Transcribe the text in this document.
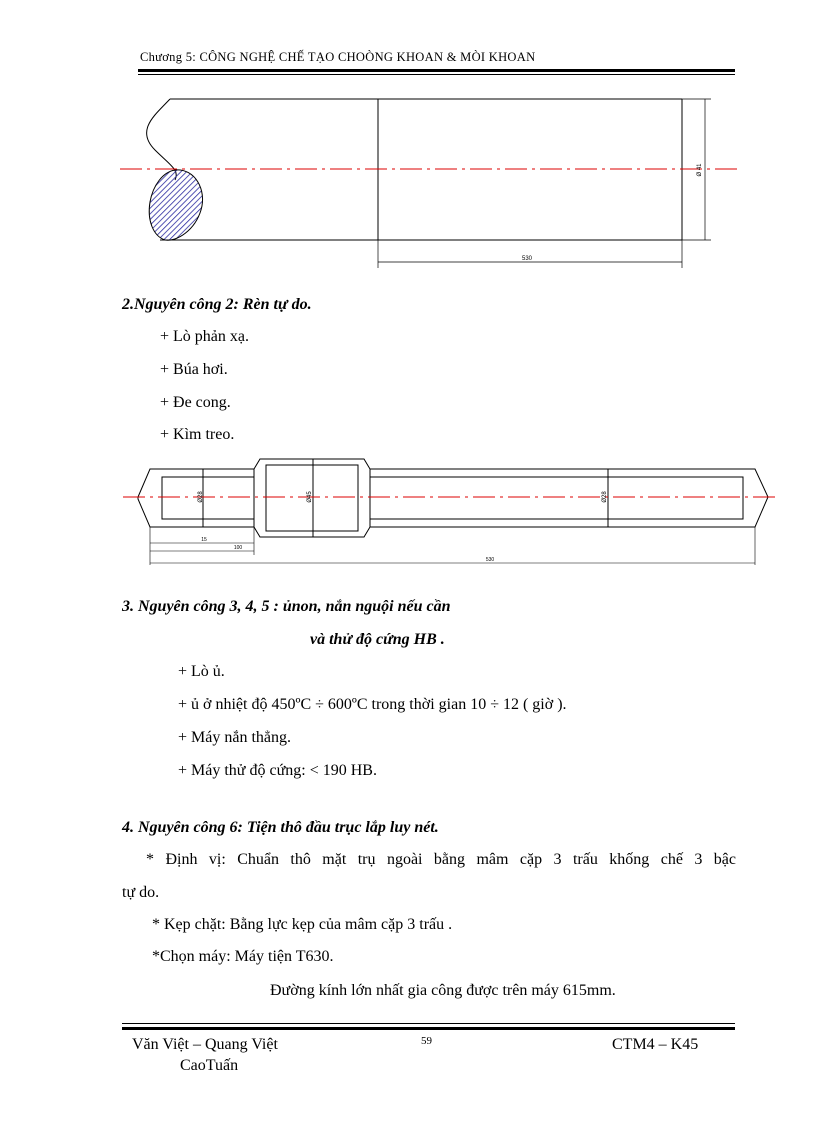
Chương 5: CÔNG NGHỆ CHẾ TẠO CHOÒNG KHOAN & MÒI KHOAN
Ø 41
530
2.Nguyên công 2: Rèn tự do.
+ Lò phản xạ.
+ Búa hơi.
+ Đe cong.
+ Kìm treo.
Ø28	Ø45	Ø28
15
100
530
3. Nguyên công 3, 4, 5 : ủnon, nắn nguội nếu cần
và thử độ cứng HB .
+ Lò ủ.
+ ủ ở nhiệt độ 450ºC ÷ 600ºC trong thời gian 10 ÷ 12 ( giờ ).
+ Máy nắn thẳng.
+ Máy thử độ cứng: < 190 HB.
4. Nguyên công 6: Tiện thô đầu trục lắp luy nét.
* Định vị: Chuẩn thô mặt trụ ngoài bằng mâm cặp 3 trấu khống chế 3 bậc
tự do.
* Kẹp chặt: Bằng lực kẹp của mâm cặp 3 trấu .
*Chọn máy: Máy tiện T630.
Đường kính lớn nhất gia công được trên máy 615mm.
Văn Việt – Quang Việt
CaoTuấn
59	CTM4 – K45
